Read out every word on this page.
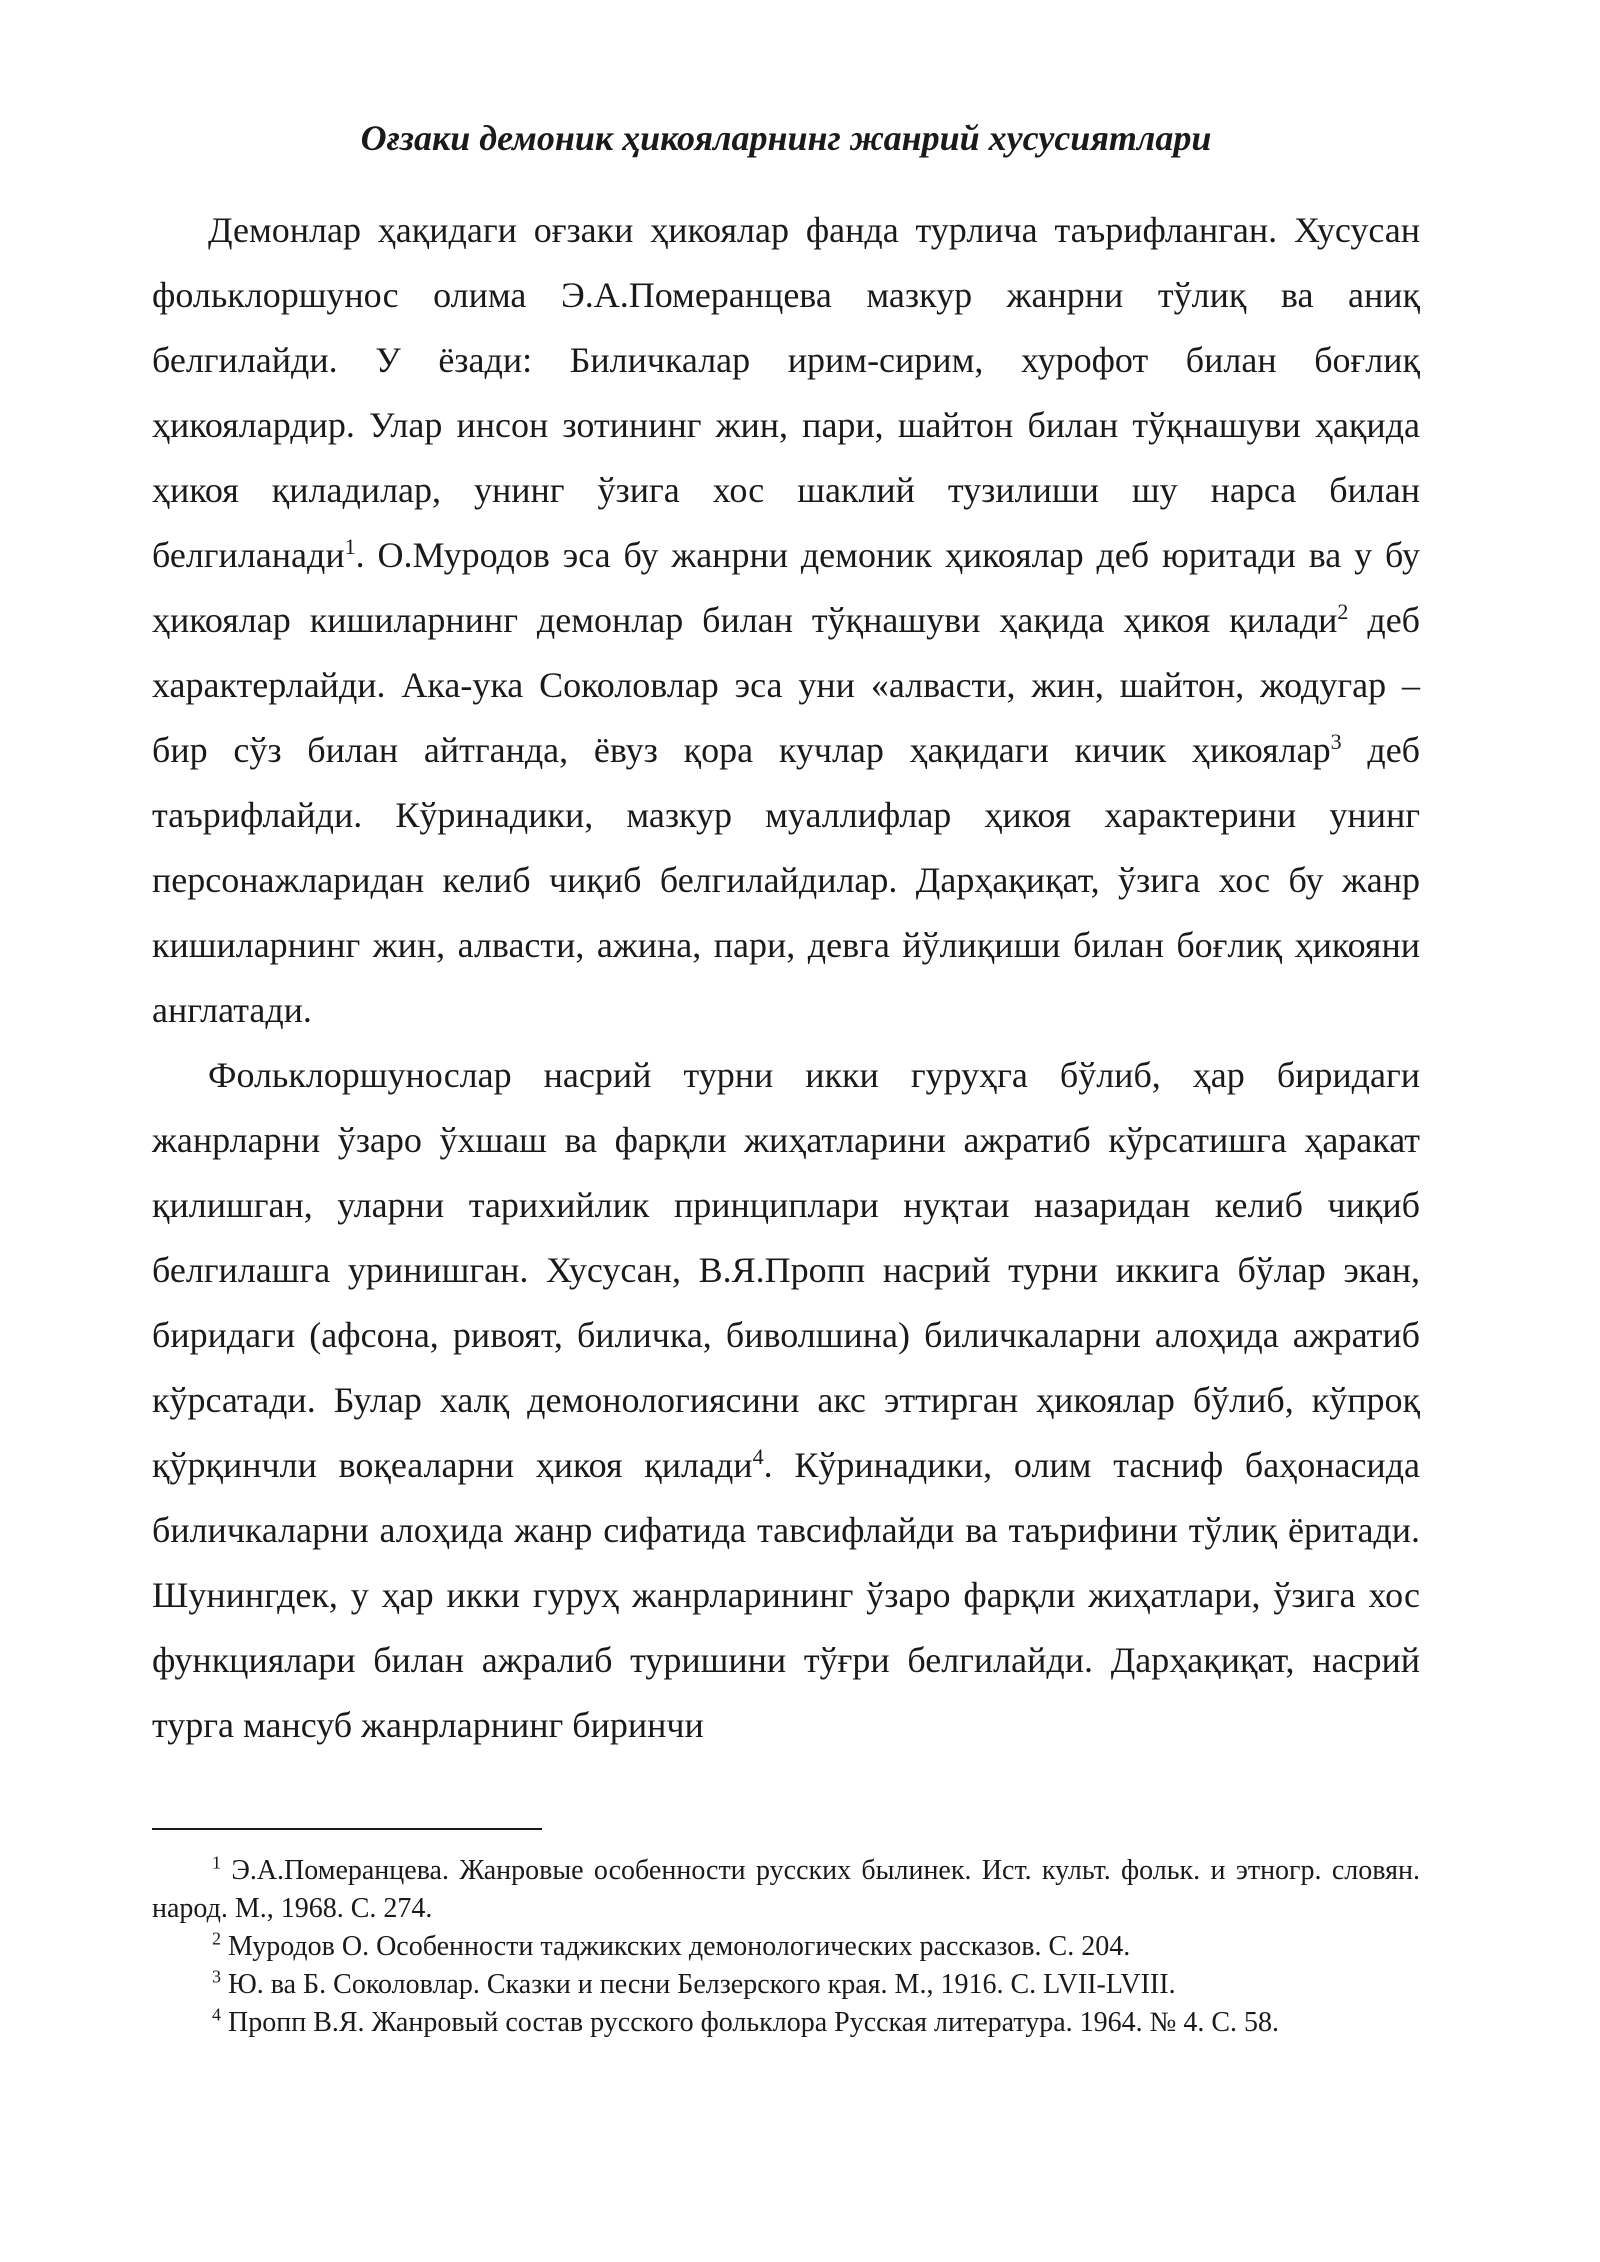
Оғзаки демоник ҳикояларнинг жанрий хусусиятлари

Демонлар ҳақидаги оғзаки ҳикоялар фанда турлича таърифланган. Хусусан фольклоршунос олима Э.А.Померанцева мазкур жанрни тўлиқ ва аниқ белгилайди. У ёзади: Биличкалар ирим-сирим, хурофот билан боғлиқ ҳикоялардир. Улар инсон зотининг жин, пари, шайтон билан тўқнашуви ҳақида ҳикоя қиладилар, унинг ўзига хос шаклий тузилиши шу нарса билан белгиланади$^1$. О.Муродов эса бу жанрни демоник ҳикоялар деб юритади ва у бу ҳикоялар кишиларнинг демонлар билан тўқнашуви ҳақида ҳикоя қилади$^2$ деб характерлайди. Ака-ука Соколовлар эса уни «алвасти, жин, шайтон, жодугар – бир сўз билан айтганда, ёвуз қора кучлар ҳақидаги кичик ҳикоялар$^3$ деб таърифлайди. Кўринадики, мазкур муаллифлар ҳикоя характерини унинг персонажларидан келиб чиқиб белгилайдилар. Дарҳақиқат, ўзига хос бу жанр кишиларнинг жин, алвасти, ажина, пари, девга йўлиқиши билан боғлиқ ҳикояни англатади.

Фольклоршунослар насрий турни икки гуруҳга бўлиб, ҳар биридаги жанрларни ўзаро ўхшаш ва фарқли жиҳатларини ажратиб кўрсатишга ҳаракат қилишган, уларни тарихийлик принциплари нуқтаи назаридан келиб чиқиб белгилашга уринишган. Хусусан, В.Я.Пропп насрий турни иккига бўлар экан, биридаги (афсона, ривоят, биличка, биволшина) биличкаларни алоҳида ажратиб кўрсатади. Булар халқ демонологиясини акс эттирган ҳикоялар бўлиб, кўпроқ қўрқинчли воқеаларни ҳикоя қилади$^4$. Кўринадики, олим тасниф баҳонасида биличкаларни алоҳида жанр сифатида тавсифлайди ва таърифини тўлиқ ёритади. Шунингдек, у ҳар икки гуруҳ жанрларининг ўзаро фарқли жиҳатлари, ўзига хос функциялари билан ажралиб туришини тўғри белгилайди. Дарҳақиқат, насрий турга мансуб жанрларнинг биринчи

$^1$ Э.А.Померанцева. Жанровые особенности русских былинек. Ист. культ. фольк. и этногр. словян. народ. М., 1968. С. 274.

$^2$ Муродов О. Особенности таджикских демонологических рассказов. С. 204.

$^3$ Ю. ва Б. Соколовлар. Сказки и песни Белзерского края. М., 1916. С. LVII-LVIII.

$^4$ Пропп В.Я. Жанровый состав русского фольклора Русская литература. 1964. № 4. С. 58.
